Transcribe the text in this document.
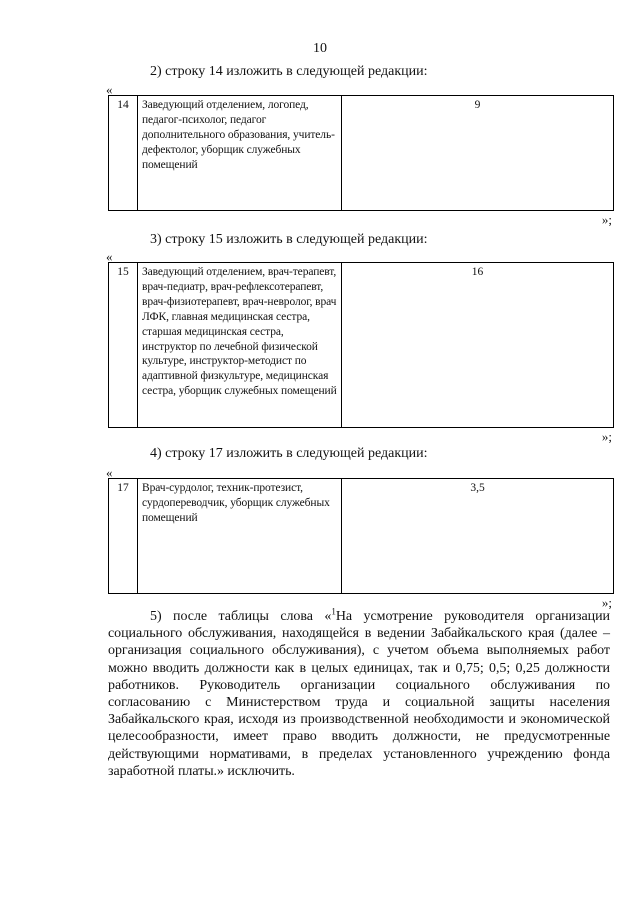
10
2) строку 14 изложить в следующей редакции:
«
14	Заведующий отделением, логопед, педагог-психолог, педагог дополнительного образования, учитель-дефектолог, уборщик служебных помещений	9
»;
3) строку 15 изложить в следующей редакции:
«
15	Заведующий отделением, врач-терапевт, врач-педиатр, врач-рефлексотерапевт, врач-физиотерапевт, врач-невролог, врач ЛФК, главная медицинская сестра, старшая медицинская сестра, инструктор по лечебной физической культуре, инструктор-методист по адаптивной физкультуре, медицинская сестра, уборщик служебных помещений	16
»;
4) строку 17 изложить в следующей редакции:
«
17	Врач-сурдолог, техник-протезист, сурдопереводчик, уборщик служебных помещений	3,5
»;
5) после таблицы слова «$^1$На усмотрение руководителя организации социального обслуживания, находящейся в ведении Забайкальского края (далее – организация социального обслуживания), с учетом объема выполняемых работ можно вводить должности как в целых единицах, так и 0,75; 0,5; 0,25 должности работников. Руководитель организации социального обслуживания по согласованию с Министерством труда и социальной защиты населения Забайкальского края, исходя из производственной необходимости и экономической целесообразности, имеет право вводить должности, не предусмотренные действующими нормативами, в пределах установленного учреждению фонда заработной платы.» исключить.
